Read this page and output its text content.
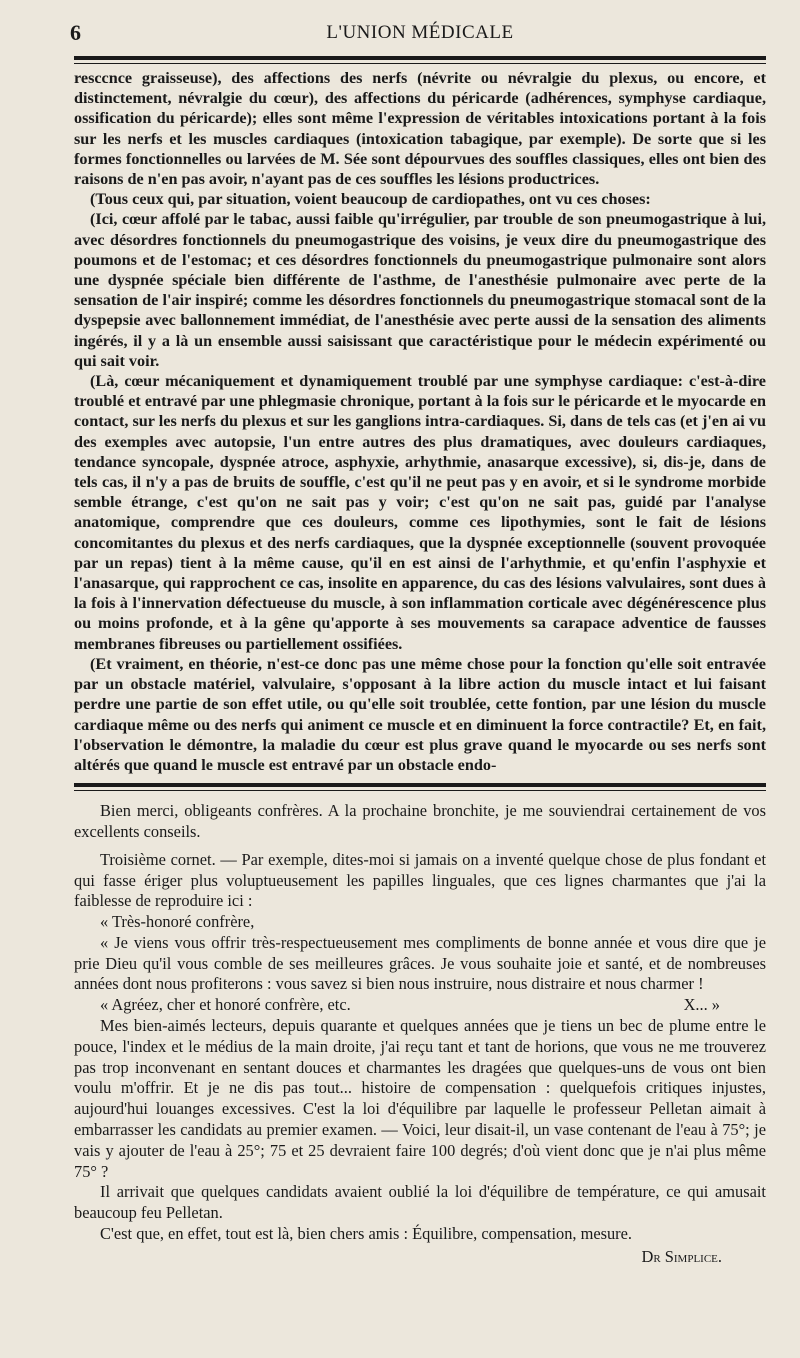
6	L'UNION MÉDICALE

resccnce graisseuse), des affections des nerfs (névrite ou névralgie du plexus, ou encore, et distinctement, névralgie du cœur), des affections du péricarde (adhérences, symphyse cardiaque, ossification du péricarde); elles sont même l'expression de véritables intoxications portant à la fois sur les nerfs et les muscles cardiaques (intoxication tabagique, par exemple). De sorte que si les formes fonctionnelles ou larvées de M. Sée sont dépourvues des souffles classiques, elles ont bien des raisons de n'en pas avoir, n'ayant pas de ces souffles les lésions productrices.

(Tous ceux qui, par situation, voient beaucoup de cardiopathes, ont vu ces choses:

(Ici, cœur affolé par le tabac, aussi faible qu'irrégulier, par trouble de son pneumogastrique à lui, avec désordres fonctionnels du pneumogastrique des voisins, je veux dire du pneumogastrique des poumons et de l'estomac; et ces désordres fonctionnels du pneumogastrique pulmonaire sont alors une dyspnée spéciale bien différente de l'asthme, de l'anesthésie pulmonaire avec perte de la sensation de l'air inspiré; comme les désordres fonctionnels du pneumogastrique stomacal sont de la dyspepsie avec ballonnement immédiat, de l'anesthésie avec perte aussi de la sensation des aliments ingérés, il y a là un ensemble aussi saisissant que caractéristique pour le médecin expérimenté ou qui sait voir.

(Là, cœur mécaniquement et dynamiquement troublé par une symphyse cardiaque: c'est-à-dire troublé et entravé par une phlegmasie chronique, portant à la fois sur le péricarde et le myocarde en contact, sur les nerfs du plexus et sur les ganglions intra-cardiaques. Si, dans de tels cas (et j'en ai vu des exemples avec autopsie, l'un entre autres des plus dramatiques, avec douleurs cardiaques, tendance syncopale, dyspnée atroce, asphyxie, arhythmie, anasarque excessive), si, dis-je, dans de tels cas, il n'y a pas de bruits de souffle, c'est qu'il ne peut pas y en avoir, et si le syndrome morbide semble étrange, c'est qu'on ne sait pas y voir; c'est qu'on ne sait pas, guidé par l'analyse anatomique, comprendre que ces douleurs, comme ces lipothymies, sont le fait de lésions concomitantes du plexus et des nerfs cardiaques, que la dyspnée exceptionnelle (souvent provoquée par un repas) tient à la même cause, qu'il en est ainsi de l'arhythmie, et qu'enfin l'asphyxie et l'anasarque, qui rapprochent ce cas, insolite en apparence, du cas des lésions valvulaires, sont dues à la fois à l'innervation défectueuse du muscle, à son inflammation corticale avec dégénérescence plus ou moins profonde, et à la gêne qu'apporte à ses mouvements sa carapace adventice de fausses membranes fibreuses ou partiellement ossifiées.

(Et vraiment, en théorie, n'est-ce donc pas une même chose pour la fonction qu'elle soit entravée par un obstacle matériel, valvulaire, s'opposant à la libre action du muscle intact et lui faisant perdre une partie de son effet utile, ou qu'elle soit troublée, cette fontion, par une lésion du muscle cardiaque même ou des nerfs qui animent ce muscle et en diminuent la force contractile? Et, en fait, l'observation le démontre, la maladie du cœur est plus grave quand le myocarde ou ses nerfs sont altérés que quand le muscle est entravé par un obstacle endo-

Bien merci, obligeants confrères. A la prochaine bronchite, je me souviendrai certainement de vos excellents conseils.

Troisième cornet. — Par exemple, dites-moi si jamais on a inventé quelque chose de plus fondant et qui fasse ériger plus voluptueusement les papilles linguales, que ces lignes charmantes que j'ai la faiblesse de reproduire ici :

« Très-honoré confrère,

« Je viens vous offrir très-respectueusement mes compliments de bonne année et vous dire que je prie Dieu qu'il vous comble de ses meilleures grâces. Je vous souhaite joie et santé, et de nombreuses années dont nous profiterons : vous savez si bien nous instruire, nous distraire et nous charmer !

« Agréez, cher et honoré confrère, etc.	X... »

Mes bien-aimés lecteurs, depuis quarante et quelques années que je tiens un bec de plume entre le pouce, l'index et le médius de la main droite, j'ai reçu tant et tant de horions, que vous ne me trouverez pas trop inconvenant en sentant douces et charmantes les dragées que quelques-uns de vous ont bien voulu m'offrir. Et je ne dis pas tout... histoire de compensation : quelquefois critiques injustes, aujourd'hui louanges excessives. C'est la loi d'équilibre par laquelle le professeur Pelletan aimait à embarrasser les candidats au premier examen. — Voici, leur disait-il, un vase contenant de l'eau à 75°; je vais y ajouter de l'eau à 25°; 75 et 25 devraient faire 100 degrés; d'où vient donc que je n'ai plus même 75° ?

Il arrivait que quelques candidats avaient oublié la loi d'équilibre de température, ce qui amusait beaucoup feu Pelletan.

C'est que, en effet, tout est là, bien chers amis : Équilibre, compensation, mesure.

Dr Simplice.
